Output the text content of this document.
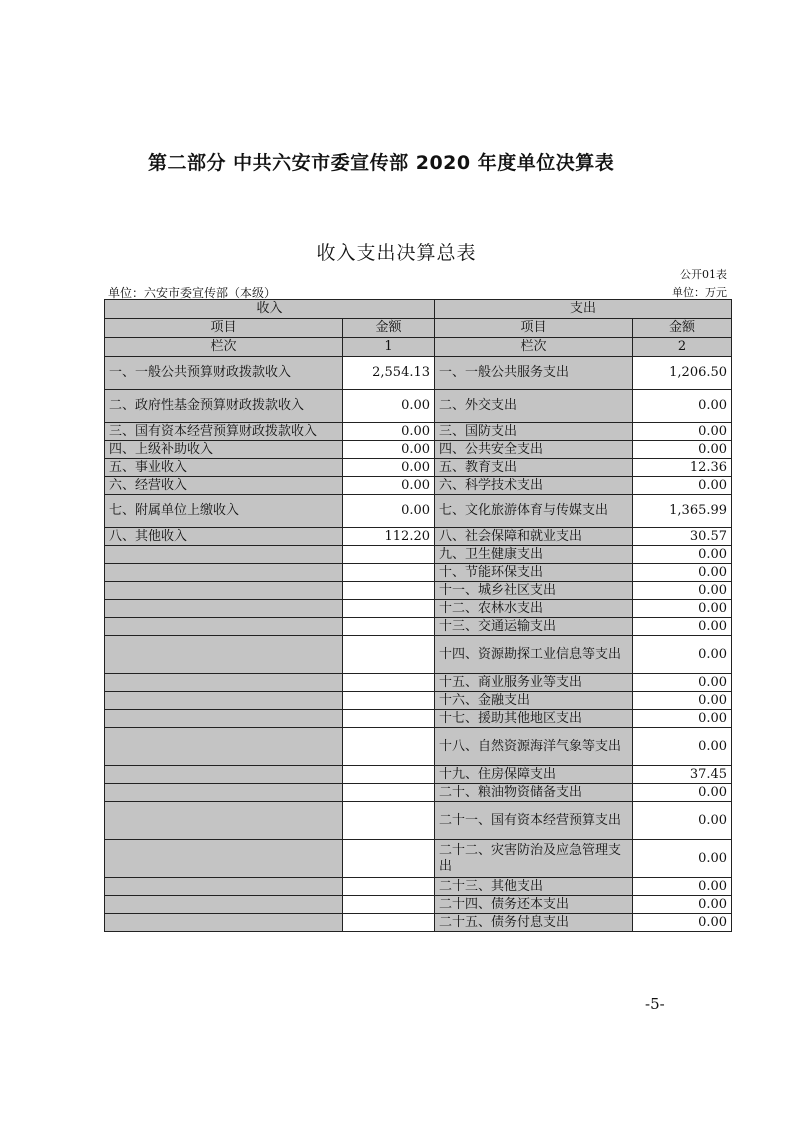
第二部分 中共六安市委宣传部 2020 年度单位决算表
收入支出决算总表
公开01表
单位：六安市委宣传部（本级）	单位：万元
收入		支出	
项目	金额	项目	金额
栏次	1	栏次	2
一、一般公共预算财政拨款收入	2,554.13	一、一般公共服务支出	1,206.50
二、政府性基金预算财政拨款收入	0.00	二、外交支出	0.00
三、国有资本经营预算财政拨款收入	0.00	三、国防支出	0.00
四、上级补助收入	0.00	四、公共安全支出	0.00
五、事业收入	0.00	五、教育支出	12.36
六、经营收入	0.00	六、科学技术支出	0.00
七、附属单位上缴收入	0.00	七、文化旅游体育与传媒支出	1,365.99
八、其他收入	112.20	八、社会保障和就业支出	30.57
		九、卫生健康支出	0.00
		十、节能环保支出	0.00
		十一、城乡社区支出	0.00
		十二、农林水支出	0.00
		十三、交通运输支出	0.00
		十四、资源勘探工业信息等支出	0.00
		十五、商业服务业等支出	0.00
		十六、金融支出	0.00
		十七、援助其他地区支出	0.00
		十八、自然资源海洋气象等支出	0.00
		十九、住房保障支出	37.45
		二十、粮油物资储备支出	0.00
		二十一、国有资本经营预算支出	0.00
		二十二、灾害防治及应急管理支出	0.00
		二十三、其他支出	0.00
		二十四、债务还本支出	0.00
		二十五、债务付息支出	0.00
-5-
